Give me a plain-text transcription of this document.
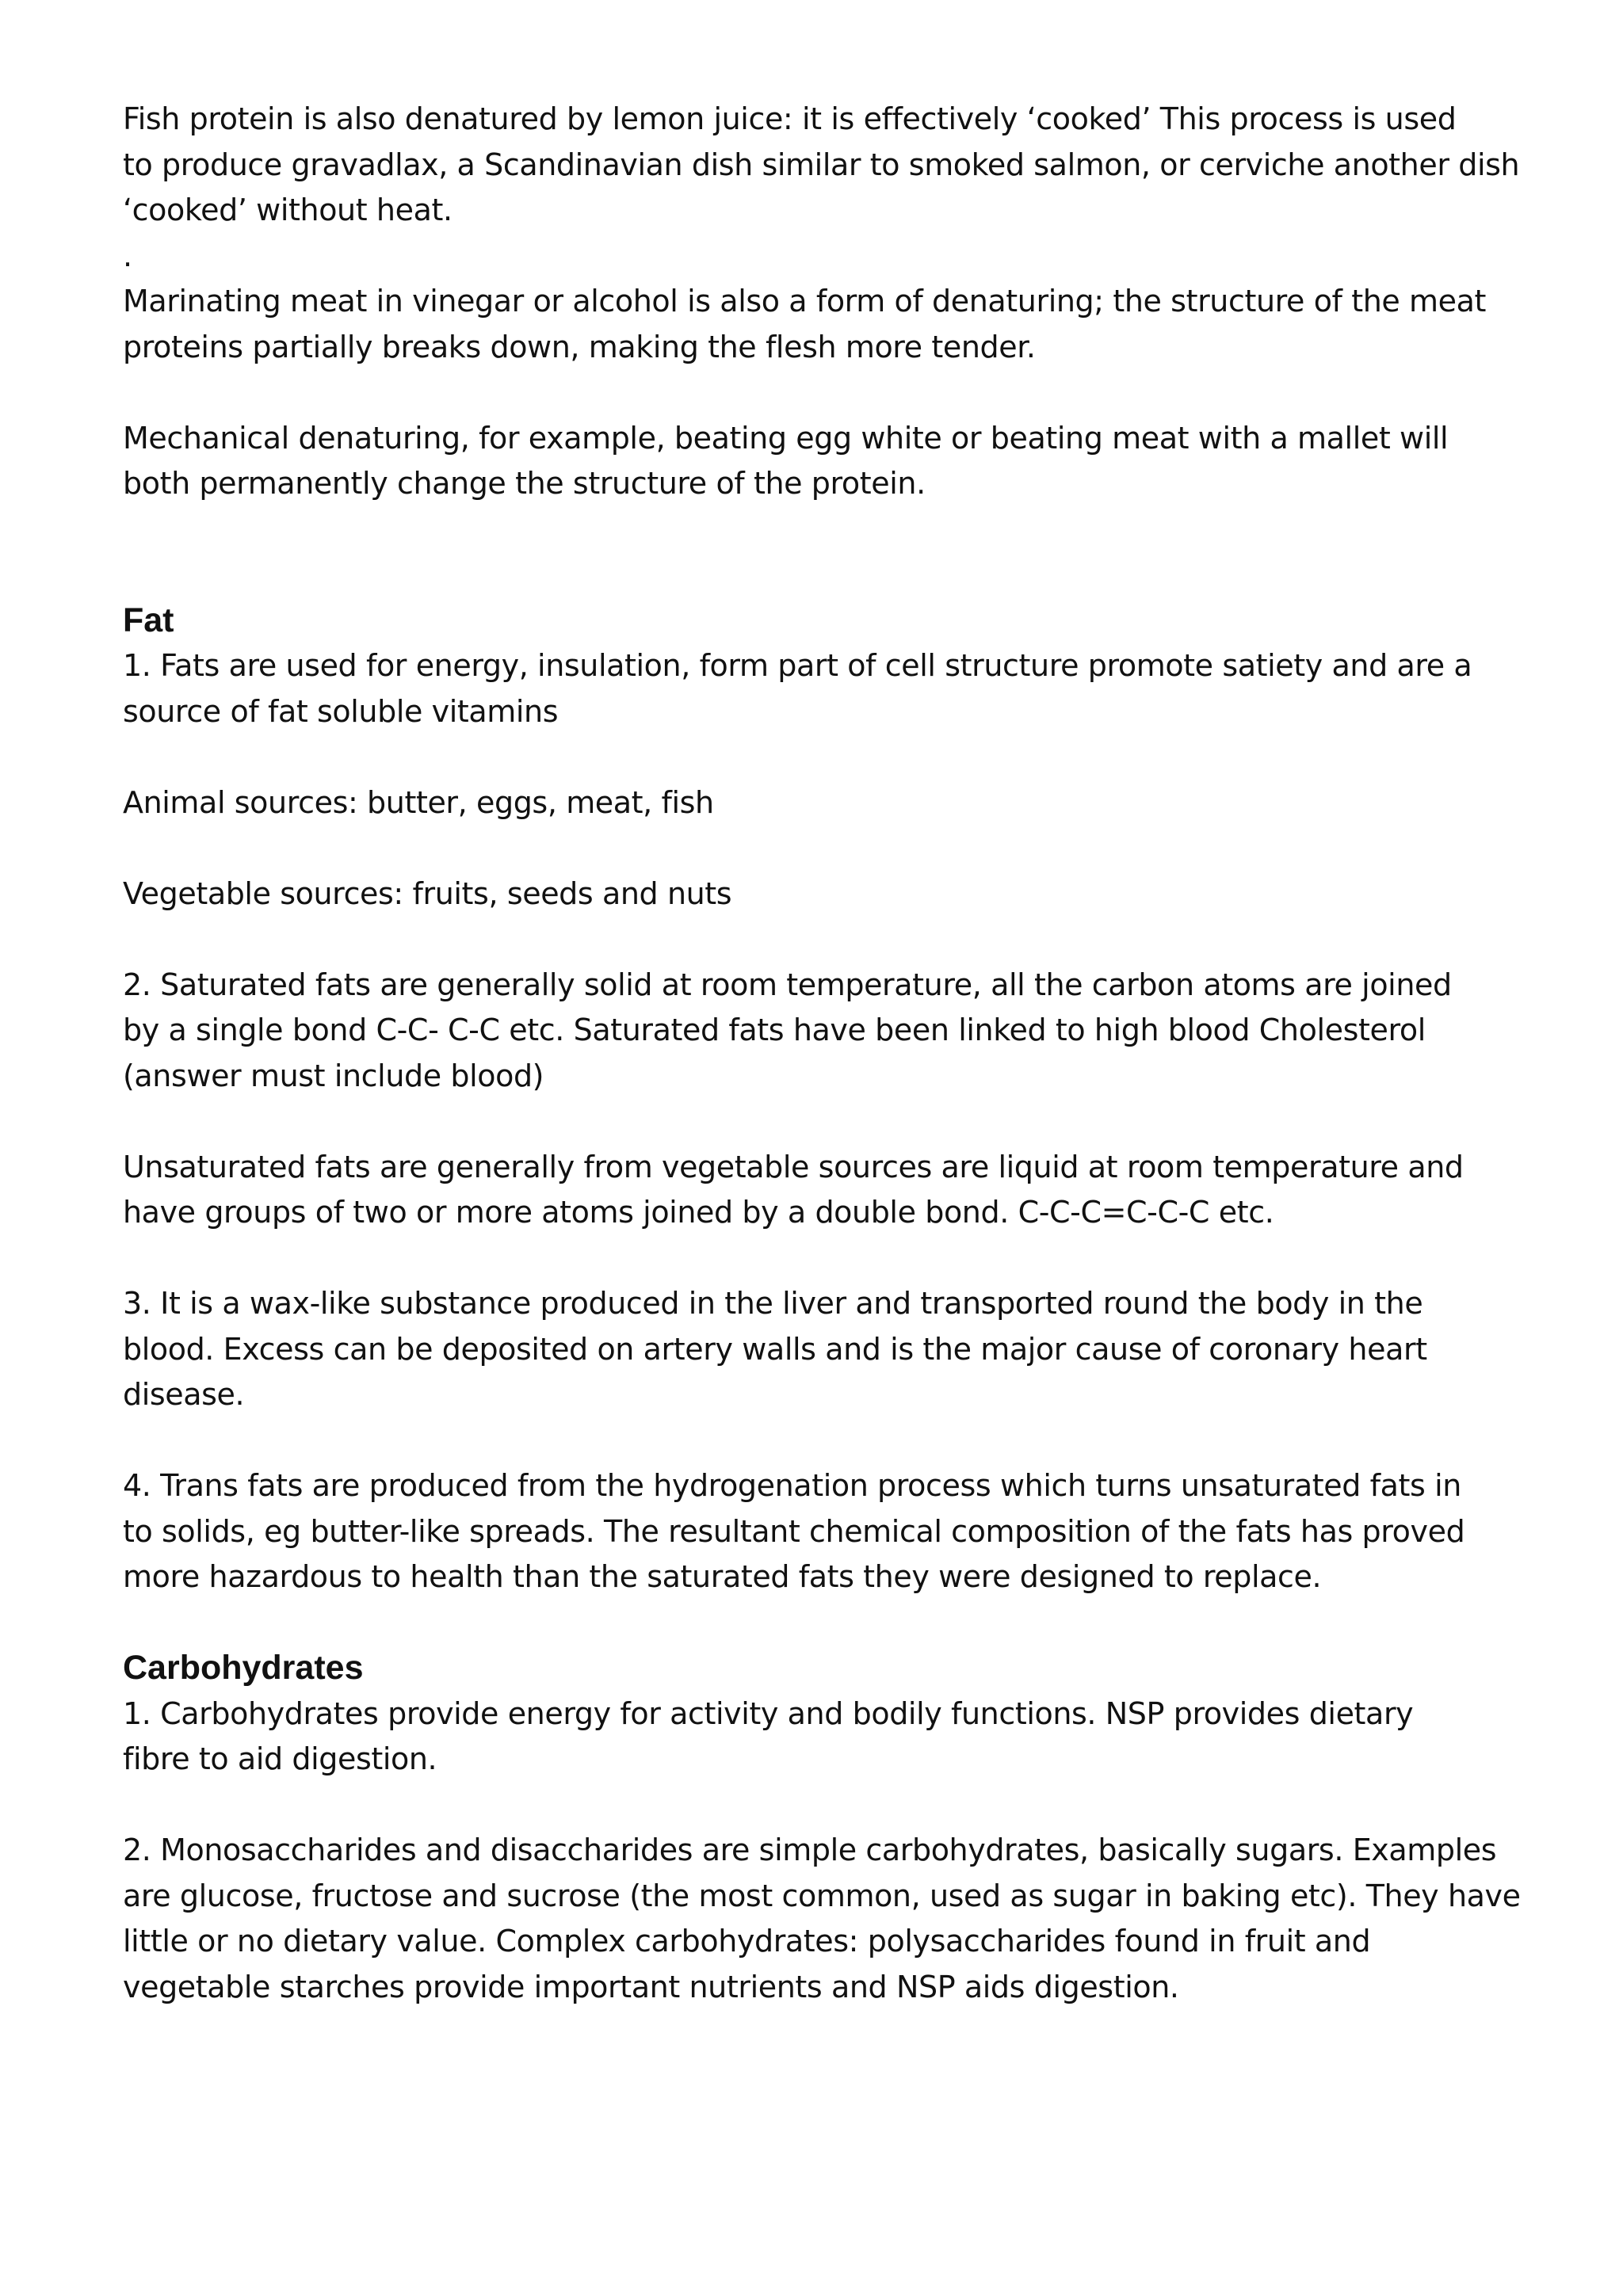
Fish protein is also denatured by lemon juice: it is effectively ‘cooked’ This process is used
to produce gravadlax, a Scandinavian dish similar to smoked salmon, or cerviche another dish
‘cooked’ without heat.

.

Marinating meat in vinegar or alcohol is also a form of denaturing; the structure of the meat
proteins partially breaks down, making the flesh more tender.

Mechanical denaturing, for example, beating egg white or beating meat with a mallet will
both permanently change the structure of the protein.

Fat

1. Fats are used for energy, insulation, form part of cell structure promote satiety and are a
source of fat soluble vitamins

Animal sources: butter, eggs, meat, fish

Vegetable sources: fruits, seeds and nuts

2. Saturated fats are generally solid at room temperature, all the carbon atoms are joined
by a single bond C-C- C-C etc. Saturated fats have been linked to high blood Cholesterol
(answer must include blood)

Unsaturated fats are generally from vegetable sources are liquid at room temperature and
have groups of two or more atoms joined by a double bond. C-C-C=C-C-C etc.

3. It is a wax-like substance produced in the liver and transported round the body in the
blood. Excess can be deposited on artery walls and is the major cause of coronary heart
disease.

4. Trans fats are produced from the hydrogenation process which turns unsaturated fats in
to solids, eg butter-like spreads. The resultant chemical composition of the fats has proved
more hazardous to health than the saturated fats they were designed to replace.

Carbohydrates

1. Carbohydrates provide energy for activity and bodily functions. NSP provides dietary
fibre to aid digestion.

2. Monosaccharides and disaccharides are simple carbohydrates, basically sugars. Examples
are glucose, fructose and sucrose (the most common, used as sugar in baking etc). They have
little or no dietary value. Complex carbohydrates: polysaccharides found in fruit and
vegetable starches provide important nutrients and NSP aids digestion.
